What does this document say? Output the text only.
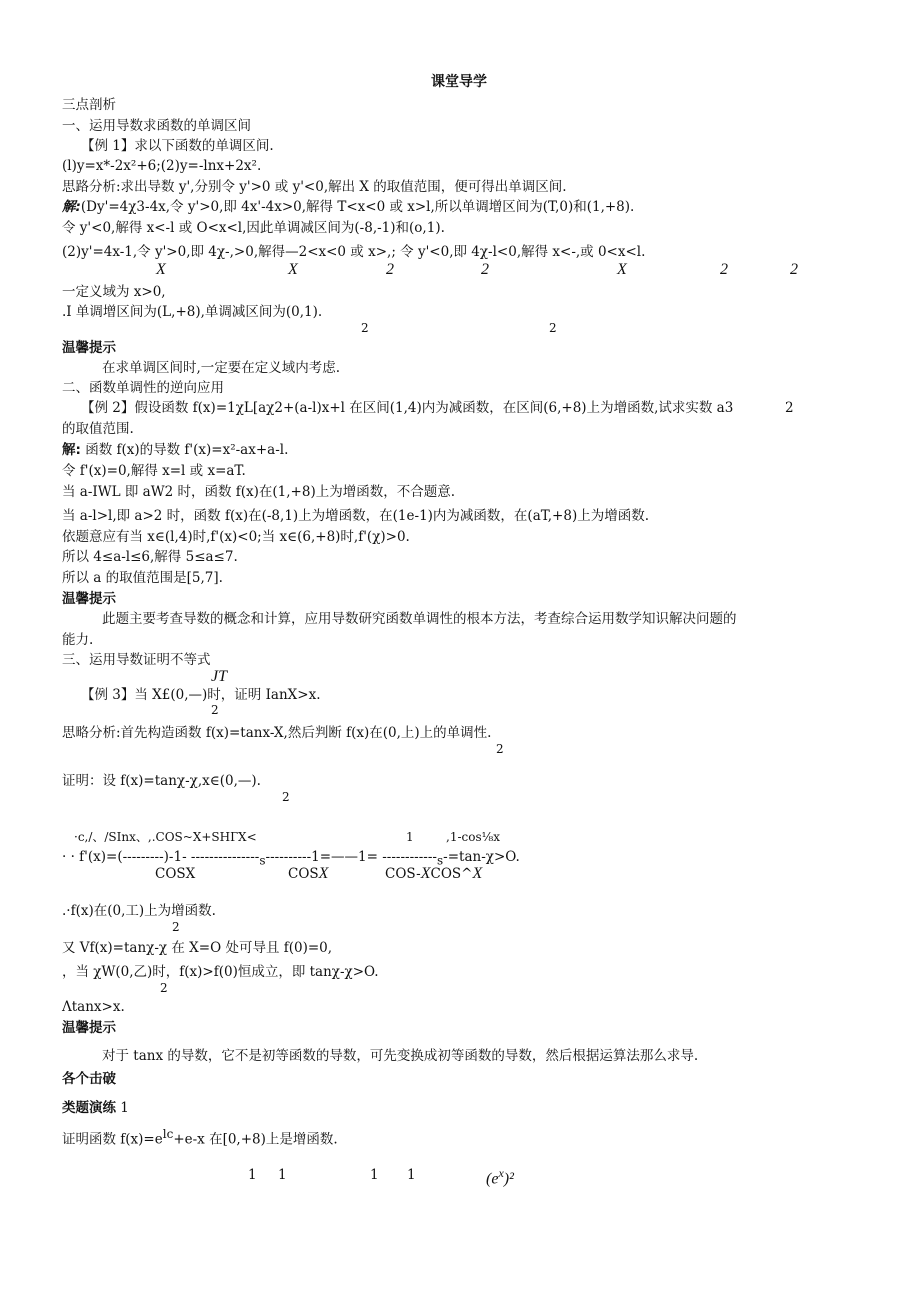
课堂导学
三点剖析
一、运用导数求函数的单调区间
【例 1】求以下函数的单调区间.
(l)y=x*-2x²+6;(2)y=-lnx+2x².
思路分析:求出导数 y',分别令 y'>0 或 y'<0,解出 X 的取值范围，便可得出单调区间.
解:(Dy'=4χ3-4x,令 y'>0,即 4x'-4x>0,解得 T<x<0 或 x>l,所以单调增区间为(T,0)和(1,+8).
令 y'<0,解得 x<-l 或 O<x<l,因此单调减区间为(-8,-1)和(o,1).
(2)y'=4x-1,令 y'>0,即 4χ-,>0,解得—2<x<0 或 x>,; 令 y'<0,即 4χ-l<0,解得 x<-,或 0<x<l.
X	X	2	2	X	2	2
一定义域为 x>0,
.I 单调增区间为(L,+8),单调减区间为(0,1).
2	2
温馨提示
在求单调区间时,一定要在定义域内考虑.
二、函数单调性的逆向应用
【例 2】假设函数 f(x)=1χL[aχ2+(a-l)x+l 在区间(1,4)内为减函数，在区间(6,+8)上为增函数,试求实数 a3	2
的取值范围.
解: 函数 f(x)的导数 f'(x)=x²-ax+a-l.
令 f'(x)=0,解得 x=l 或 x=aT.
当 a-IWL 即 aW2 时，函数 f(x)在(1,+8)上为增函数，不合题意.
当 a-l>l,即 a>2 时，函数 f(x)在(-8,1)上为增函数，在(1e-1)内为减函数，在(aT,+8)上为增函数.
依题意应有当 x∈(l,4)时,f'(x)<0;当 x∈(6,+8)时,f'(χ)>0.
所以 4≤a-l≤6,解得 5≤a≤7.
所以 a 的取值范围是[5,7].
温馨提示
此题主要考查导数的概念和计算，应用导数研究函数单调性的根本方法，考查综合运用数学知识解决问题的
能力.
三、运用导数证明不等式
JT
【例 3】当 X£(0,—)时，证明 IanX>x.
2
思略分析:首先构造函数 f(x)=tanx-X,然后判断 f(x)在(0,上)上的单调性.
2
证明：设 f(x)=tanχ-χ,x∈(0,—).
2
·c,/、/SInx、,.COS~X+SHГX<	1	,1-cos⅛x
· · f'(x)=(---------)-1- $---------------_s----------1=——1= ------------_s-=\tan-\chi>O$.
COSX	COSX	COS-XCOS^X
.·f(x)在(0,工)上为增函数.
2
又 Vf(x)=tanχ-χ 在 X=O 处可导且 f(0)=0,
，当 χW(0,乙)时，f(x)>f(0)恒成立，即 tanχ-χ>O.
2
Λtanx>x.
温馨提示
对于 tanx 的导数，它不是初等函数的导数，可先变换成初等函数的导数，然后根据运算法那么求导.
各个击破
类题演练 1
证明函数 $f(x)=e^{lc}+e-x$ 在[0,+8)上是增函数.
1 1	1 1	$(e^x)^2$
